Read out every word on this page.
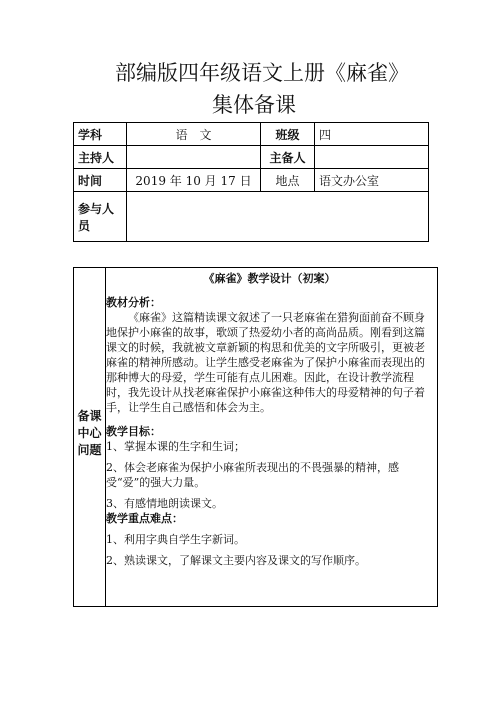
部编版四年级语文上册《麻雀》
集体备课
学科	语　文	班级	四
主持人		主备人	
时间	2019 年 10 月 17 日	地点	语文办公室
参与人员			
备课
中心
问题

《麻雀》教学设计（初案）

教材分析：

《麻雀》这篇精读课文叙述了一只老麻雀在猎狗面前奋不顾身地保护小麻雀的故事，歌颂了热爱幼小者的高尚品质。刚看到这篇课文的时候，我就被文章新颖的构思和优美的文字所吸引，更被老麻雀的精神所感动。让学生感受老麻雀为了保护小麻雀而表现出的那种博大的母爱，学生可能有点儿困难。因此，在设计教学流程时，我先设计从找老麻雀保护小麻雀这种伟大的母爱精神的句子着手，让学生自己感悟和体会为主。

教学目标：

1、掌握本课的生字和生词；

2、体会老麻雀为保护小麻雀所表现出的不畏强暴的精神，感受“爱”的强大力量。

3、有感情地朗读课文。

教学重点难点：

1、利用字典自学生字新词。

2、熟读课文，了解课文主要内容及课文的写作顺序。
